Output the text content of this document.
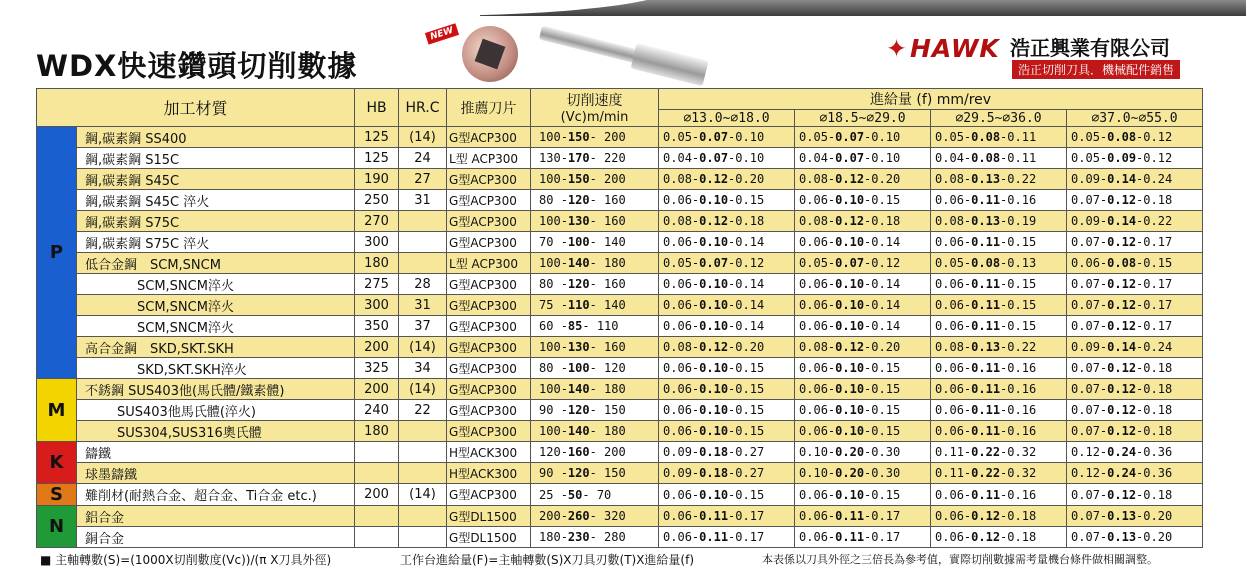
WDX快速鑽頭切削數據
NEW
✦HAWK 浩正興業有限公司
浩正切削刀具．機械配件銷售
加工材質		HB	HR.C	推薦刀片	切削速度
(Vc)m/min	進給量 (f) mm/rev			
						⌀13.0~⌀18.0	⌀18.5~⌀29.0	⌀29.5~⌀36.0	⌀37.0~⌀55.0
P	鋼,碳素鋼 SS400	125	(14)	G型ACP300	100-150- 200	0.05-0.07-0.10	0.05-0.07-0.10	0.05-0.08-0.11	0.05-0.08-0.12
	鋼,碳素鋼 S15C	125	24	L型 ACP300	130-170- 220	0.04-0.07-0.10	0.04-0.07-0.10	0.04-0.08-0.11	0.05-0.09-0.12
	鋼,碳素鋼 S45C	190	27	G型ACP300	100-150- 200	0.08-0.12-0.20	0.08-0.12-0.20	0.08-0.13-0.22	0.09-0.14-0.24
	鋼,碳素鋼 S45C 淬火	250	31	G型ACP300	80 -120- 160	0.06-0.10-0.15	0.06-0.10-0.15	0.06-0.11-0.16	0.07-0.12-0.18
	鋼,碳素鋼 S75C	270		G型ACP300	100-130- 160	0.08-0.12-0.18	0.08-0.12-0.18	0.08-0.13-0.19	0.09-0.14-0.22
	鋼,碳素鋼 S75C 淬火	300		G型ACP300	70 -100- 140	0.06-0.10-0.14	0.06-0.10-0.14	0.06-0.11-0.15	0.07-0.12-0.17
	低合金鋼　SCM,SNCM	180		L型 ACP300	100-140- 180	0.05-0.07-0.12	0.05-0.07-0.12	0.05-0.08-0.13	0.06-0.08-0.15
	SCM,SNCM淬火	275	28	G型ACP300	80 -120- 160	0.06-0.10-0.14	0.06-0.10-0.14	0.06-0.11-0.15	0.07-0.12-0.17
	SCM,SNCM淬火	300	31	G型ACP300	75 -110- 140	0.06-0.10-0.14	0.06-0.10-0.14	0.06-0.11-0.15	0.07-0.12-0.17
	SCM,SNCM淬火	350	37	G型ACP300	60 -85- 110	0.06-0.10-0.14	0.06-0.10-0.14	0.06-0.11-0.15	0.07-0.12-0.17
	高合金鋼　SKD,SKT.SKH	200	(14)	G型ACP300	100-130- 160	0.08-0.12-0.20	0.08-0.12-0.20	0.08-0.13-0.22	0.09-0.14-0.24
	SKD,SKT.SKH淬火	325	34	G型ACP300	80 -100- 120	0.06-0.10-0.15	0.06-0.10-0.15	0.06-0.11-0.16	0.07-0.12-0.18
M	不銹鋼 SUS403他(馬氏體/鐵素體)	200	(14)	G型ACP300	100-140- 180	0.06-0.10-0.15	0.06-0.10-0.15	0.06-0.11-0.16	0.07-0.12-0.18
	SUS403他馬氏體(淬火)	240	22	G型ACP300	90 -120- 150	0.06-0.10-0.15	0.06-0.10-0.15	0.06-0.11-0.16	0.07-0.12-0.18
	SUS304,SUS316奧氏體	180		G型ACP300	100-140- 180	0.06-0.10-0.15	0.06-0.10-0.15	0.06-0.11-0.16	0.07-0.12-0.18
K	鑄鐵			H型ACK300	120-160- 200	0.09-0.18-0.27	0.10-0.20-0.30	0.11-0.22-0.32	0.12-0.24-0.36
	球墨鑄鐵			H型ACK300	90 -120- 150	0.09-0.18-0.27	0.10-0.20-0.30	0.11-0.22-0.32	0.12-0.24-0.36
S	難削材(耐熱合金、超合金、Ti合金 etc.)	200	(14)	G型ACP300	25 -50- 70	0.06-0.10-0.15	0.06-0.10-0.15	0.06-0.11-0.16	0.07-0.12-0.18
N	鋁合金			G型DL1500	200-260- 320	0.06-0.11-0.17	0.06-0.11-0.17	0.06-0.12-0.18	0.07-0.13-0.20
	銅合金			G型DL1500	180-230- 280	0.06-0.11-0.17	0.06-0.11-0.17	0.06-0.12-0.18	0.07-0.13-0.20
■ 主軸轉數(S)=(1000X切削數度(Vc))/(π X刀具外徑)	工作台進給量(F)=主軸轉數(S)X刀具刃數(T)X進給量(f)	本表係以刀具外徑之三倍長為參考值，實際切削數據需考量機台條件做相關調整。
